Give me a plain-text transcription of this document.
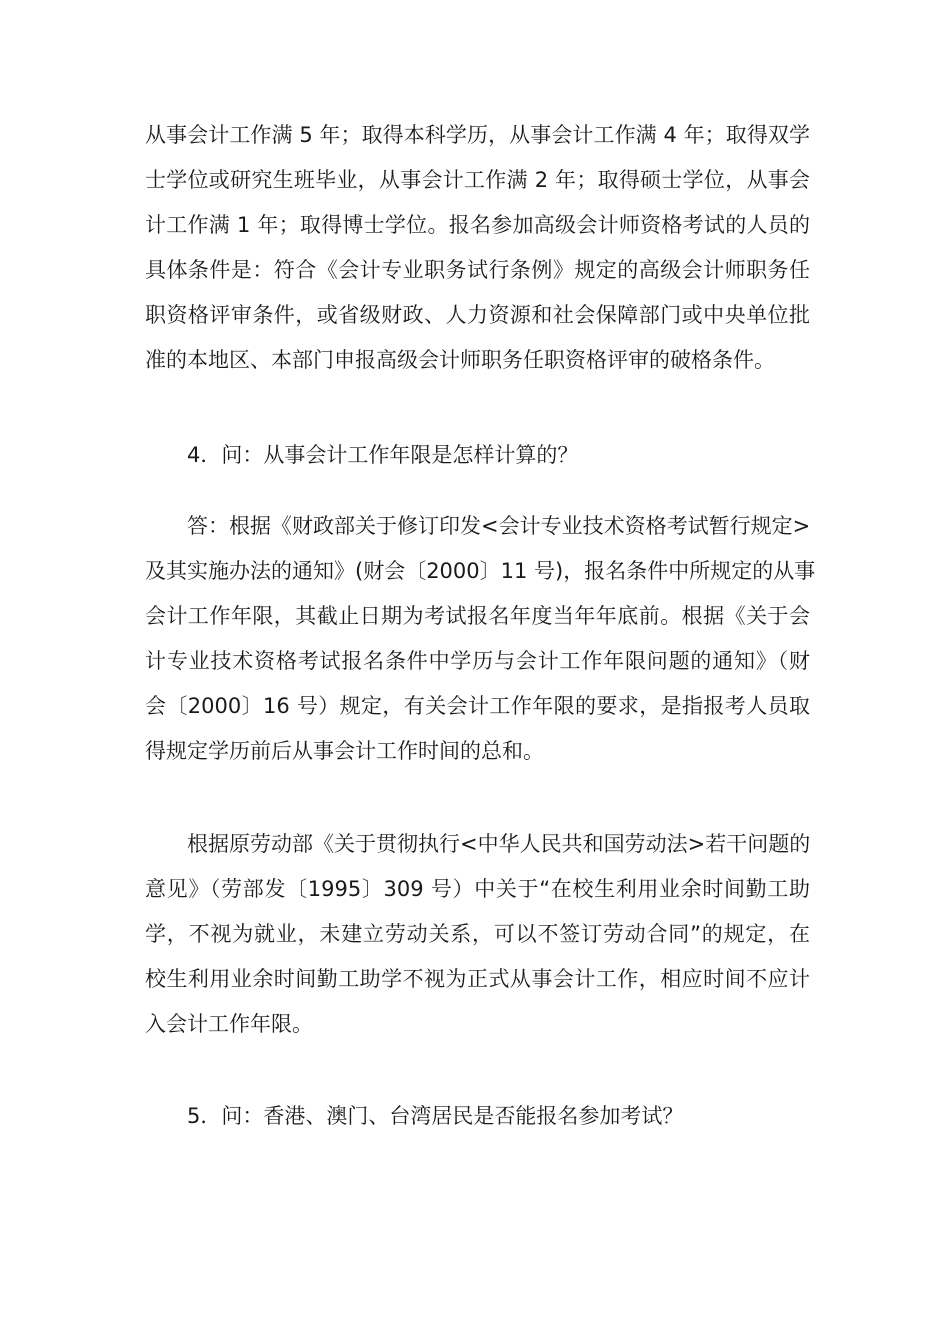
从事会计工作满 5 年；取得本科学历，从事会计工作满 4 年；取得双学
士学位或研究生班毕业，从事会计工作满 2 年；取得硕士学位，从事会
计工作满 1 年；取得博士学位。报名参加高级会计师资格考试的人员的
具体条件是：符合《会计专业职务试行条例》规定的高级会计师职务任
职资格评审条件，或省级财政、人力资源和社会保障部门或中央单位批
准的本地区、本部门申报高级会计师职务任职资格评审的破格条件。
4．问：从事会计工作年限是怎样计算的？
答：根据《财政部关于修订印发<会计专业技术资格考试暂行规定>
及其实施办法的通知》(财会〔2000〕11 号)，报名条件中所规定的从事
会计工作年限，其截止日期为考试报名年度当年年底前。根据《关于会
计专业技术资格考试报名条件中学历与会计工作年限问题的通知》（财
会〔2000〕16 号）规定，有关会计工作年限的要求，是指报考人员取
得规定学历前后从事会计工作时间的总和。
根据原劳动部《关于贯彻执行<中华人民共和国劳动法>若干问题的
意见》（劳部发〔1995〕309 号）中关于“在校生利用业余时间勤工助
学，不视为就业，未建立劳动关系，可以不签订劳动合同”的规定，在
校生利用业余时间勤工助学不视为正式从事会计工作，相应时间不应计
入会计工作年限。
5．问：香港、澳门、台湾居民是否能报名参加考试？
